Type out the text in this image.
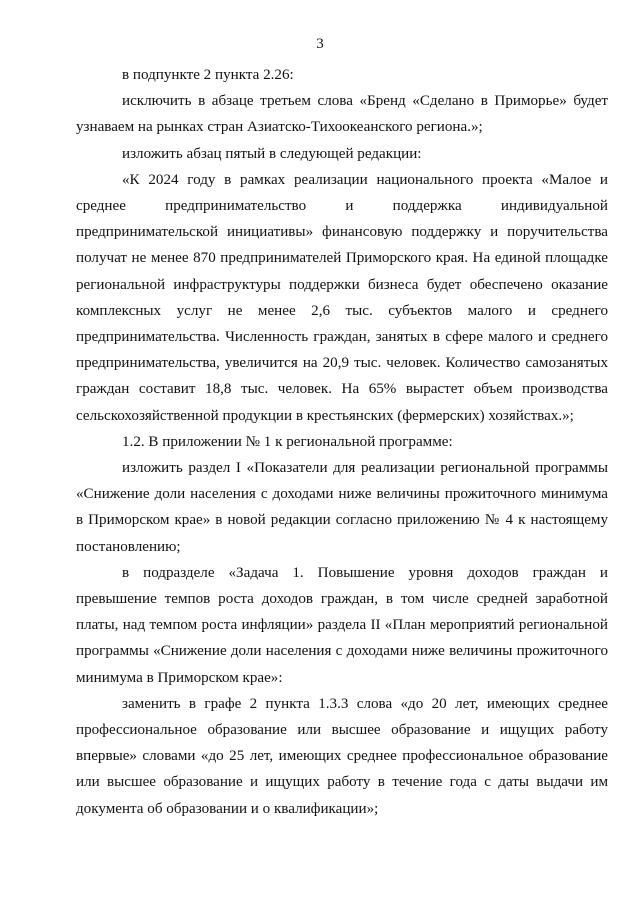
3

в подпункте 2 пункта 2.26:

исключить в абзаце третьем слова «Бренд «Сделано в Приморье» будет узнаваем на рынках стран Азиатско-Тихоокеанского региона.»;

изложить абзац пятый в следующей редакции:

«К 2024 году в рамках реализации национального проекта «Малое и среднее предпринимательство и поддержка индивидуальной предпринимательской инициативы» финансовую поддержку и поручительства получат не менее 870 предпринимателей Приморского края. На единой площадке региональной инфраструктуры поддержки бизнеса будет обеспечено оказание комплексных услуг не менее 2,6 тыс. субъектов малого и среднего предпринимательства. Численность граждан, занятых в сфере малого и среднего предпринимательства, увеличится на 20,9 тыс. человек. Количество самозанятых граждан составит 18,8 тыс. человек. На 65% вырастет объем производства сельскохозяйственной продукции в крестьянских (фермерских) хозяйствах.»;

1.2. В приложении № 1 к региональной программе:

изложить раздел I «Показатели для реализации региональной программы «Снижение доли населения с доходами ниже величины прожиточного минимума в Приморском крае» в новой редакции согласно приложению № 4 к настоящему постановлению;

в подразделе «Задача 1. Повышение уровня доходов граждан и превышение темпов роста доходов граждан, в том числе средней заработной платы, над темпом роста инфляции» раздела II «План мероприятий региональной программы «Снижение доли населения с доходами ниже величины прожиточного минимума в Приморском крае»:

заменить в графе 2 пункта 1.3.3 слова «до 20 лет, имеющих среднее профессиональное образование или высшее образование и ищущих работу впервые» словами «до 25 лет, имеющих среднее профессиональное образование или высшее образование и ищущих работу в течение года с даты выдачи им документа об образовании и о квалификации»;
